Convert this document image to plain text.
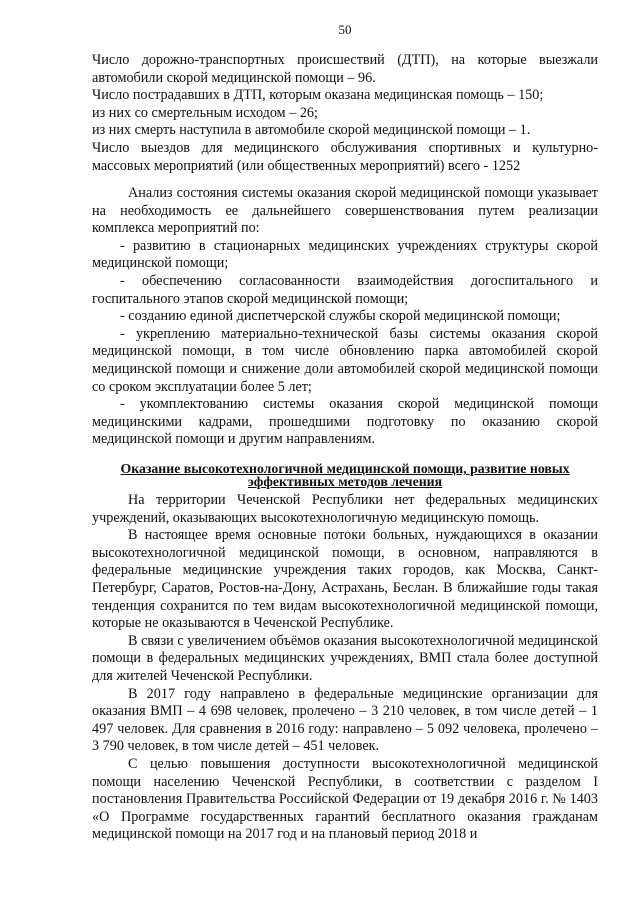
50

Число дорожно-транспортных происшествий (ДТП), на которые выезжали автомобили скорой медицинской помощи – 96.

Число пострадавших в ДТП, которым оказана медицинская помощь – 150;

из них со смертельным исходом – 26;

из них смерть наступила в автомобиле скорой медицинской помощи – 1.

Число выездов для медицинского обслуживания спортивных и культурно-массовых мероприятий (или общественных мероприятий) всего - 1252

Анализ состояния системы оказания скорой медицинской помощи указывает на необходимость ее дальнейшего совершенствования путем реализации комплекса мероприятий по:

- развитию в стационарных медицинских учреждениях структуры скорой медицинской помощи;

- обеспечению согласованности взаимодействия догоспитального и госпитального этапов скорой медицинской помощи;

- созданию единой диспетчерской службы скорой медицинской помощи;

- укреплению материально-технической базы системы оказания скорой медицинской помощи, в том числе обновлению парка автомобилей скорой медицинской помощи и снижение доли автомобилей скорой медицинской помощи со сроком эксплуатации более 5 лет;

- укомплектованию системы оказания скорой медицинской помощи медицинскими кадрами, прошедшими подготовку по оказанию скорой медицинской помощи и другим направлениям.

Оказание высокотехнологичной медицинской помощи, развитие новых
эффективных методов лечения

На территории Чеченской Республики нет федеральных медицинских учреждений, оказывающих высокотехнологичную медицинскую помощь.

В настоящее время основные потоки больных, нуждающихся в оказании высокотехнологичной медицинской помощи, в основном, направляются в федеральные медицинские учреждения таких городов, как Москва, Санкт-Петербург, Саратов, Ростов-на-Дону, Астрахань, Беслан. В ближайшие годы такая тенденция сохранится по тем видам высокотехнологичной медицинской помощи, которые не оказываются в Чеченской Республике.

В связи с увеличением объёмов оказания высокотехнологичной медицинской помощи в федеральных медицинских учреждениях, ВМП стала более доступной для жителей Чеченской Республики.

В 2017 году направлено в федеральные медицинские организации для оказания ВМП – 4 698 человек, пролечено – 3 210 человек, в том числе детей – 1 497 человек. Для сравнения в 2016 году: направлено – 5 092 человека, пролечено – 3 790 человек, в том числе детей – 451 человек.

С целью повышения доступности высокотехнологичной медицинской помощи населению Чеченской Республики, в соответствии с разделом I постановления Правительства Российской Федерации от 19 декабря 2016 г. № 1403 «О Программе государственных гарантий бесплатного оказания гражданам медицинской помощи на 2017 год и на плановый период 2018 и
